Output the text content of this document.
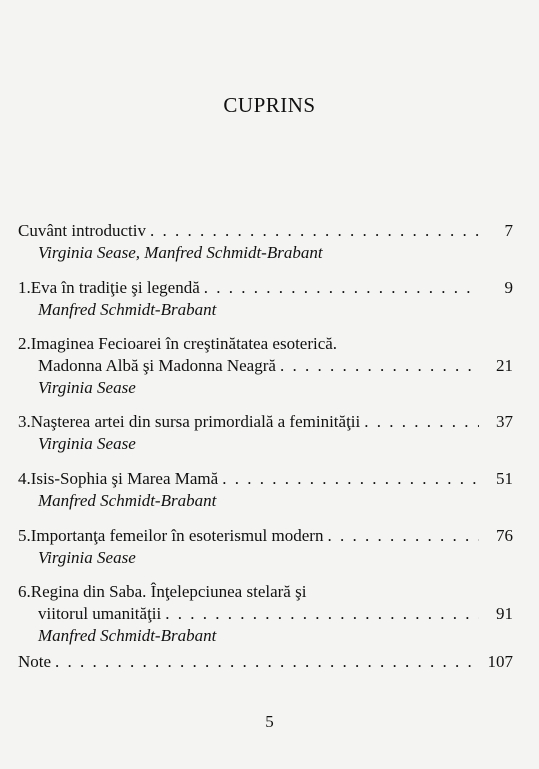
CUPRINS
Cuvânt introductiv . . .	7
Virginia Sease, Manfred Schmidt-Brabant
1. Eva în tradiţie şi legendă . . .	9
Manfred Schmidt-Brabant
2. Imaginea Fecioarei în creştinătatea esoterică.
Madonna Albă şi Madonna Neagră . . .	21
Virginia Sease
3. Naşterea artei din sursa primordială a feminităţii . . .	37
Virginia Sease
4. Isis-Sophia şi Marea Mamă . . .	51
Manfred Schmidt-Brabant
5. Importanţa femeilor în esoterismul modern . . .	76
Virginia Sease
6. Regina din Saba. Înţelepciunea stelară şi
viitorul umanităţii . . .	91
Manfred Schmidt-Brabant
Note . . .	107
5
